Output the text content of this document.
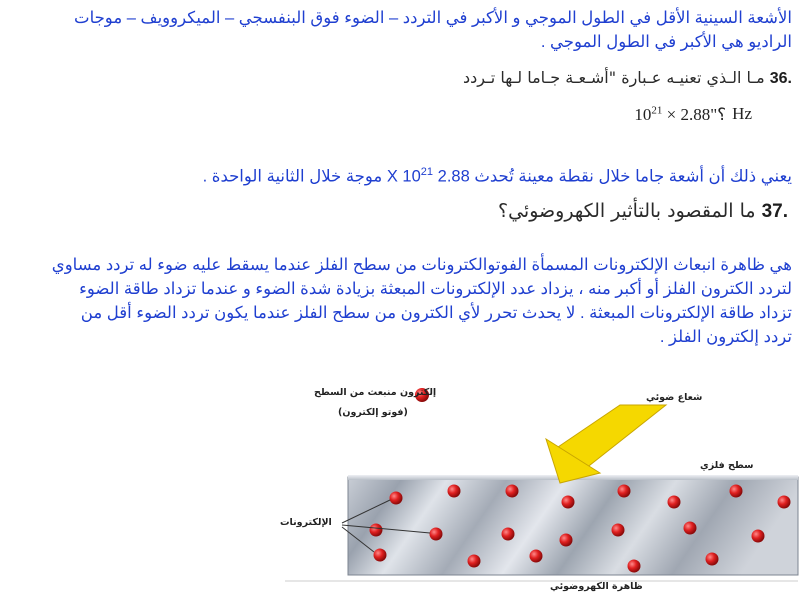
الأشعة السينية الأقل في الطول الموجي و الأكبر في التردد – الضوء فوق البنفسجي – الميكروويف – موجات
الراديو هي الأكبر في الطول الموجي .
.36 مـا الـذي تعنيـه عـبارة "أشـعـة جـاما لـها تـردد
Hz
؟"2.88 × $10^{21}$
يعني ذلك أن أشعة جاما خلال نقطة معينة تُحدث 2.88 X $10^{21}$ موجة خلال الثانية الواحدة .
.37 ما المقصود بالتأثير الكهروضوئي؟
هي ظاهرة انبعاث الإلكترونات المسمأة الفوتوالكترونات من سطح الفلز عندما يسقط عليه ضوء له تردد مساوي
لتردد الكترون الفلز أو أكبر منه ، يزداد عدد الإلكترونات المبعثة بزيادة شدة الضوء و عندما تزداد طاقة الضوء
تزداد طاقة الإلكترونات المبعثة . لا يحدث تحرر لأي الكترون من سطح الفلز عندما يكون تردد الضوء أقل من
تردد إلكترون الفلز .
إلكترون منبعث من السطح
(فوتو إلكترون)
شعاع ضوئي
سطح فلزي
الإلكترونات
ظاهرة الكهروضوئي
